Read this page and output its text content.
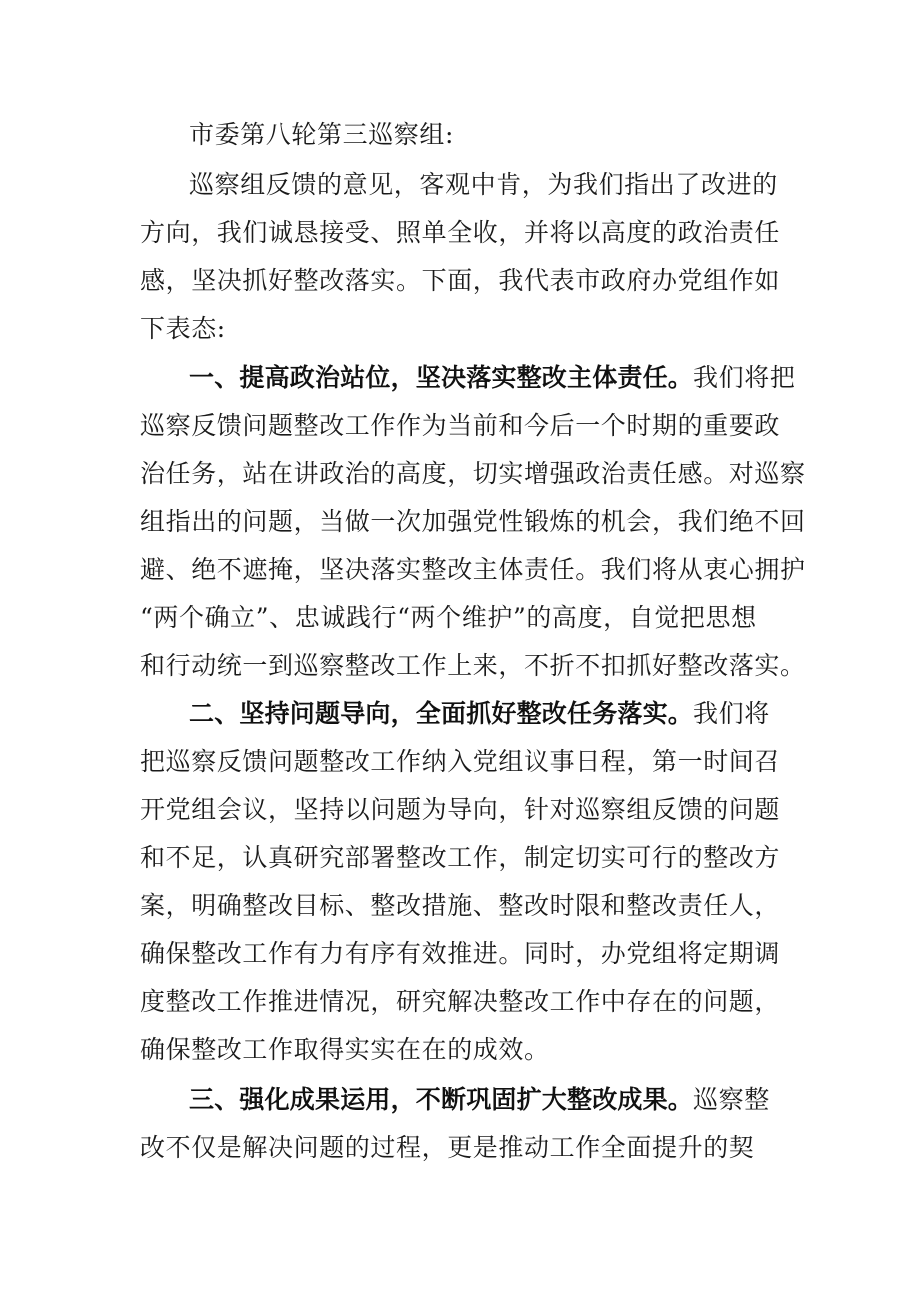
市委第八轮第三巡察组:
巡察组反馈的意见，客观中肯，为我们指出了改进的
方向，我们诚恳接受、照单全收，并将以高度的政治责任
感，坚决抓好整改落实。下面，我代表市政府办党组作如
下表态:
一、提高政治站位，坚决落实整改主体责任。我们将把
巡察反馈问题整改工作作为当前和今后一个时期的重要政
治任务，站在讲政治的高度，切实增强政治责任感。对巡察
组指出的问题，当做一次加强党性锻炼的机会，我们绝不回
避、绝不遮掩，坚决落实整改主体责任。我们将从衷心拥护
“两个确立”、忠诚践行“两个维护”的高度，自觉把思想
和行动统一到巡察整改工作上来，不折不扣抓好整改落实。
二、坚持问题导向，全面抓好整改任务落实。我们将
把巡察反馈问题整改工作纳入党组议事日程，第一时间召
开党组会议，坚持以问题为导向，针对巡察组反馈的问题
和不足，认真研究部署整改工作，制定切实可行的整改方
案，明确整改目标、整改措施、整改时限和整改责任人，
确保整改工作有力有序有效推进。同时，办党组将定期调
度整改工作推进情况，研究解决整改工作中存在的问题，
确保整改工作取得实实在在的成效。
三、强化成果运用，不断巩固扩大整改成果。巡察整
改不仅是解决问题的过程，更是推动工作全面提升的契
